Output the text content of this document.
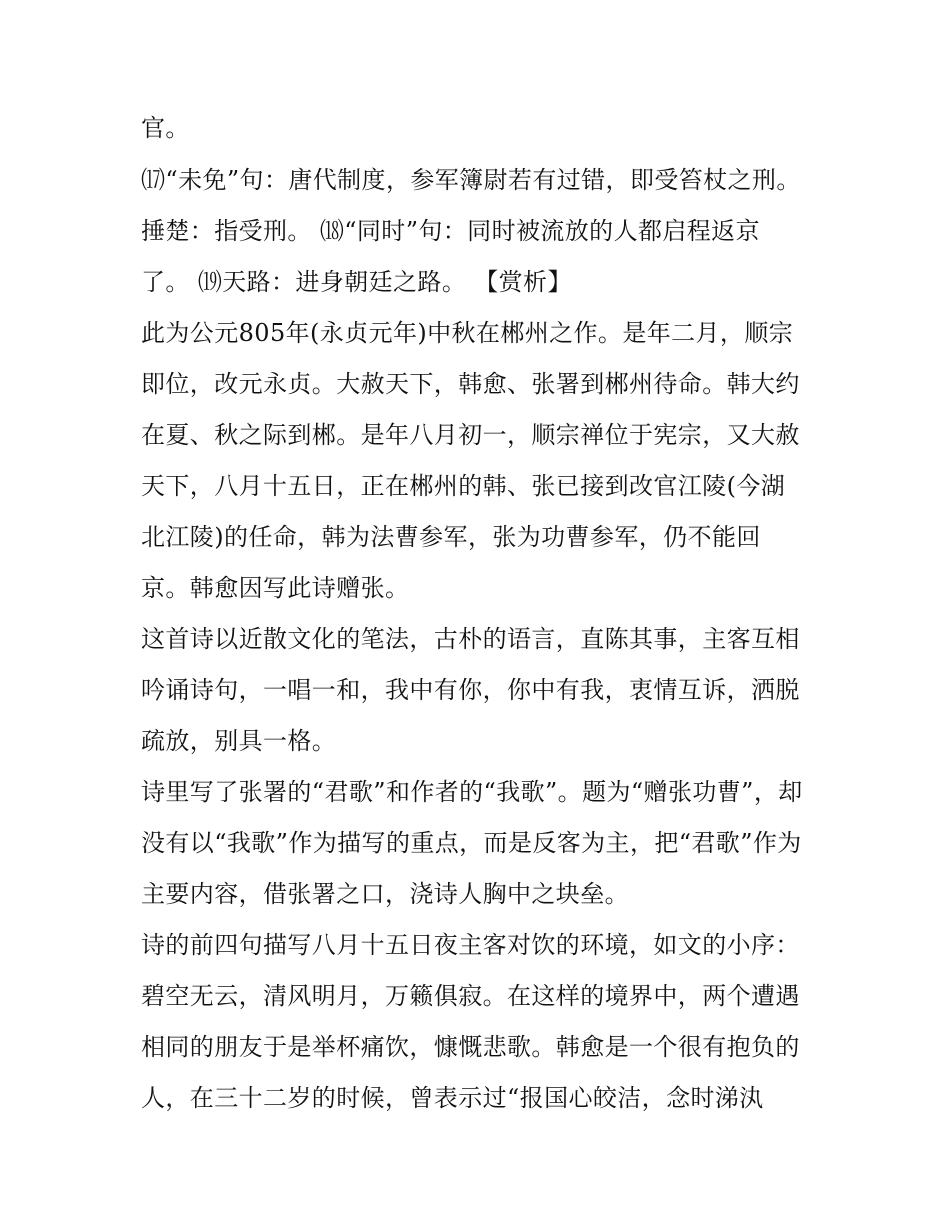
官。
⒄“未免”句：唐代制度，参军簿尉若有过错，即受笞杖之刑。
捶楚：指受刑。 ⒅“同时”句：同时被流放的人都启程返京
了。 ⒆天路：进身朝廷之路。 【赏析】
此为公元805年(永贞元年)中秋在郴州之作。是年二月，顺宗
即位，改元永贞。大赦天下，韩愈、张署到郴州待命。韩大约
在夏、秋之际到郴。是年八月初一，顺宗禅位于宪宗，又大赦
天下，八月十五日，正在郴州的韩、张已接到改官江陵(今湖
北江陵)的任命，韩为法曹参军，张为功曹参军，仍不能回
京。韩愈因写此诗赠张。
这首诗以近散文化的笔法，古朴的语言，直陈其事，主客互相
吟诵诗句，一唱一和，我中有你，你中有我，衷情互诉，洒脱
疏放，别具一格。
诗里写了张署的“君歌”和作者的“我歌”。题为“赠张功曹”，却
没有以“我歌”作为描写的重点，而是反客为主，把“君歌”作为
主要内容，借张署之口，浇诗人胸中之块垒。
诗的前四句描写八月十五日夜主客对饮的环境，如文的小序：
碧空无云，清风明月，万籁俱寂。在这样的境界中，两个遭遇
相同的朋友于是举杯痛饮，慷慨悲歌。韩愈是一个很有抱负的
人，在三十二岁的时候，曾表示过“报国心皎洁，念时涕汍
